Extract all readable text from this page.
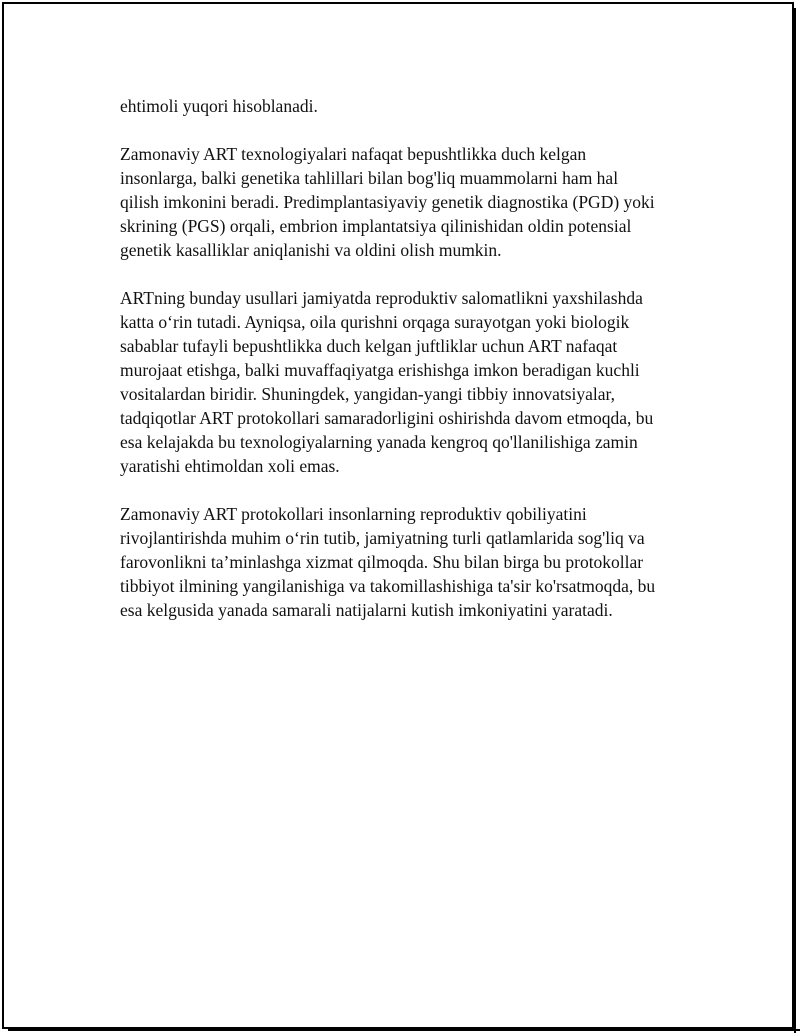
ehtimoli yuqori hisoblanadi.

Zamonaviy ART texnologiyalari nafaqat bepushtlikka duch kelgan
insonlarga, balki genetika tahlillari bilan bog'liq muammolarni ham hal
qilish imkonini beradi. Predimplantasiyaviy genetik diagnostika (PGD) yoki
skrining (PGS) orqali, embrion implantatsiya qilinishidan oldin potensial
genetik kasalliklar aniqlanishi va oldini olish mumkin.

ARTning bunday usullari jamiyatda reproduktiv salomatlikni yaxshilashda
katta o‘rin tutadi. Ayniqsa, oila qurishni orqaga surayotgan yoki biologik
sabablar tufayli bepushtlikka duch kelgan juftliklar uchun ART nafaqat
murojaat etishga, balki muvaffaqiyatga erishishga imkon beradigan kuchli
vositalardan biridir. Shuningdek, yangidan-yangi tibbiy innovatsiyalar,
tadqiqotlar ART protokollari samaradorligini oshirishda davom etmoqda, bu
esa kelajakda bu texnologiyalarning yanada kengroq qo'llanilishiga zamin
yaratishi ehtimoldan xoli emas.

Zamonaviy ART protokollari insonlarning reproduktiv qobiliyatini
rivojlantirishda muhim o‘rin tutib, jamiyatning turli qatlamlarida sog'liq va
farovonlikni ta’minlashga xizmat qilmoqda. Shu bilan birga bu protokollar
tibbiyot ilmining yangilanishiga va takomillashishiga ta'sir ko'rsatmoqda, bu
esa kelgusida yanada samarali natijalarni kutish imkoniyatini yaratadi.
